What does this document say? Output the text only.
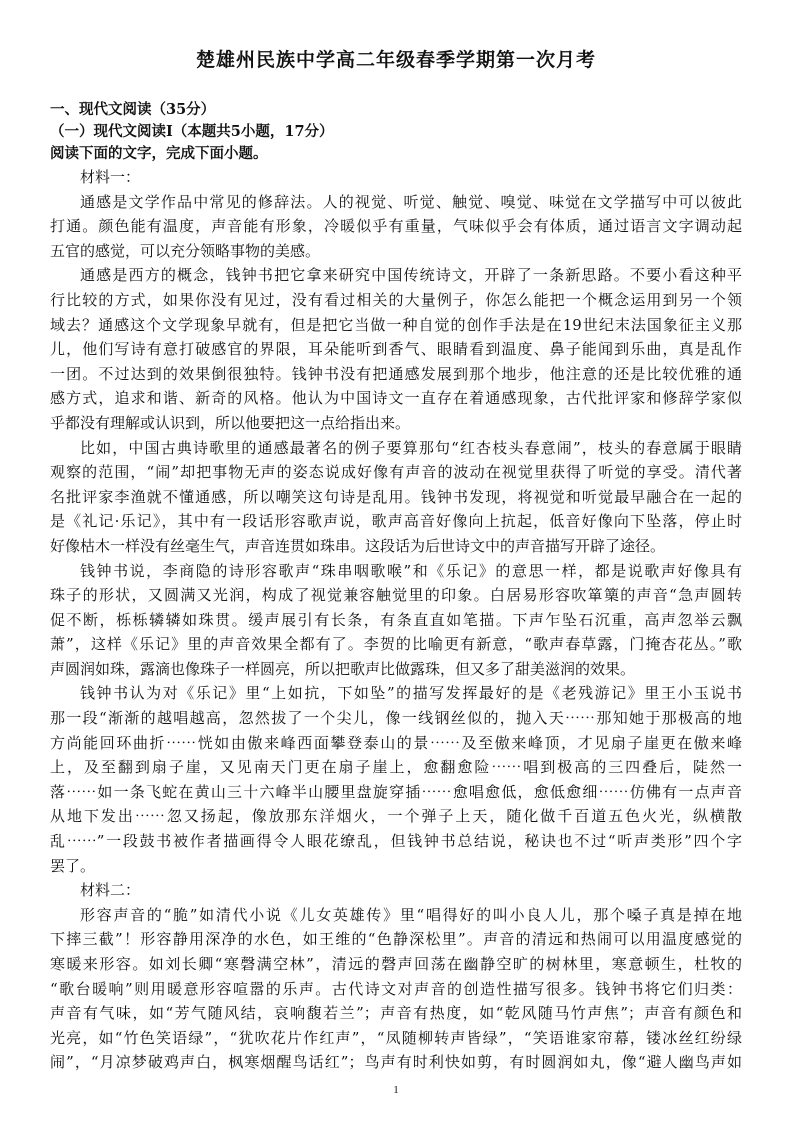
楚雄州民族中学高二年级春季学期第一次月考
一、现代文阅读（35分）
（一）现代文阅读Ⅰ（本题共5小题，17分）
阅读下面的文字，完成下面小题。
材料一：
通感是文学作品中常见的修辞法。人的视觉、听觉、触觉、嗅觉、味觉在文学描写中可以彼此
打通。颜色能有温度，声音能有形象，冷暖似乎有重量，气味似乎会有体质，通过语言文字调动起
五官的感觉，可以充分领略事物的美感。
通感是西方的概念，钱钟书把它拿来研究中国传统诗文，开辟了一条新思路。不要小看这种平
行比较的方式，如果你没有见过，没有看过相关的大量例子，你怎么能把一个概念运用到另一个领
域去？通感这个文学现象早就有，但是把它当做一种自觉的创作手法是在19世纪末法国象征主义那
儿，他们写诗有意打破感官的界限，耳朵能听到香气、眼睛看到温度、鼻子能闻到乐曲，真是乱作
一团。不过达到的效果倒很独特。钱钟书没有把通感发展到那个地步，他注意的还是比较优雅的通
感方式，追求和谐、新奇的风格。他认为中国诗文一直存在着通感现象，古代批评家和修辞学家似
乎都没有理解或认识到，所以他要把这一点给指出来。
比如，中国古典诗歌里的通感最著名的例子要算那句“红杏枝头春意闹”，枝头的春意属于眼睛
观察的范围，“闹”却把事物无声的姿态说成好像有声音的波动在视觉里获得了听觉的享受。清代著
名批评家李渔就不懂通感，所以嘲笑这句诗是乱用。钱钟书发现，将视觉和听觉最早融合在一起的
是《礼记·乐记》，其中有一段话形容歌声说，歌声高音好像向上抗起，低音好像向下坠落，停止时
好像枯木一样没有丝毫生气，声音连贯如珠串。这段话为后世诗文中的声音描写开辟了途径。
钱钟书说，李商隐的诗形容歌声“珠串咽歌喉”和《乐记》的意思一样，都是说歌声好像具有
珠子的形状，又圆满又光润，构成了视觉兼容触觉里的印象。白居易形容吹箪篥的声音“急声圆转
促不断，栎栎辚辚如珠贯。缓声展引有长条，有条直直如笔描。下声乍坠石沉重，高声忽举云飘
萧”，这样《乐记》里的声音效果全都有了。李贺的比喻更有新意，“歌声春草露，门掩杏花丛。”歌
声圆润如珠，露滴也像珠子一样圆亮，所以把歌声比做露珠，但又多了甜美滋润的效果。
钱钟书认为对《乐记》里“上如抗，下如坠”的描写发挥最好的是《老残游记》里王小玉说书
那一段“渐渐的越唱越高，忽然拔了一个尖儿，像一线钢丝似的，抛入天⋯⋯那知她于那极高的地
方尚能回环曲折⋯⋯恍如由傲来峰西面攀登泰山的景⋯⋯及至傲来峰顶，才见扇子崖更在傲来峰
上，及至翻到扇子崖，又见南天门更在扇子崖上，愈翻愈险⋯⋯唱到极高的三四叠后，陡然一
落⋯⋯如一条飞蛇在黄山三十六峰半山腰里盘旋穿插⋯⋯愈唱愈低，愈低愈细⋯⋯仿佛有一点声音
从地下发出⋯⋯忽又扬起，像放那东洋烟火，一个弹子上天，随化做千百道五色火光，纵横散
乱⋯⋯”一段鼓书被作者描画得令人眼花缭乱，但钱钟书总结说，秘诀也不过“听声类形”四个字
罢了。
材料二：
形容声音的“脆”如清代小说《儿女英雄传》里“唱得好的叫小良人儿，那个嗓子真是掉在地
下摔三截”！形容静用深净的水色，如王维的“色静深松里”。声音的清远和热闹可以用温度感觉的
寒暖来形容。如刘长卿“寒磬满空林”，清远的磬声回荡在幽静空旷的树林里，寒意顿生，杜牧的
“歌台暖响”则用暖意形容喧嚣的乐声。古代诗文对声音的创造性描写很多。钱钟书将它们归类：
声音有气味，如“芳气随风结，哀响馥若兰”；声音有热度，如“乾风随马竹声焦”；声音有颜色和
光亮，如“竹色笑语绿”，“犹吹花片作红声”，“凤随柳转声皆绿”，“笑语谁家帘幕，镂冰丝红纷绿
闹”，“月凉梦破鸡声白，枫寒烟醒鸟话红”；鸟声有时利快如剪，有时圆润如丸，像“避人幽鸟声如
1
